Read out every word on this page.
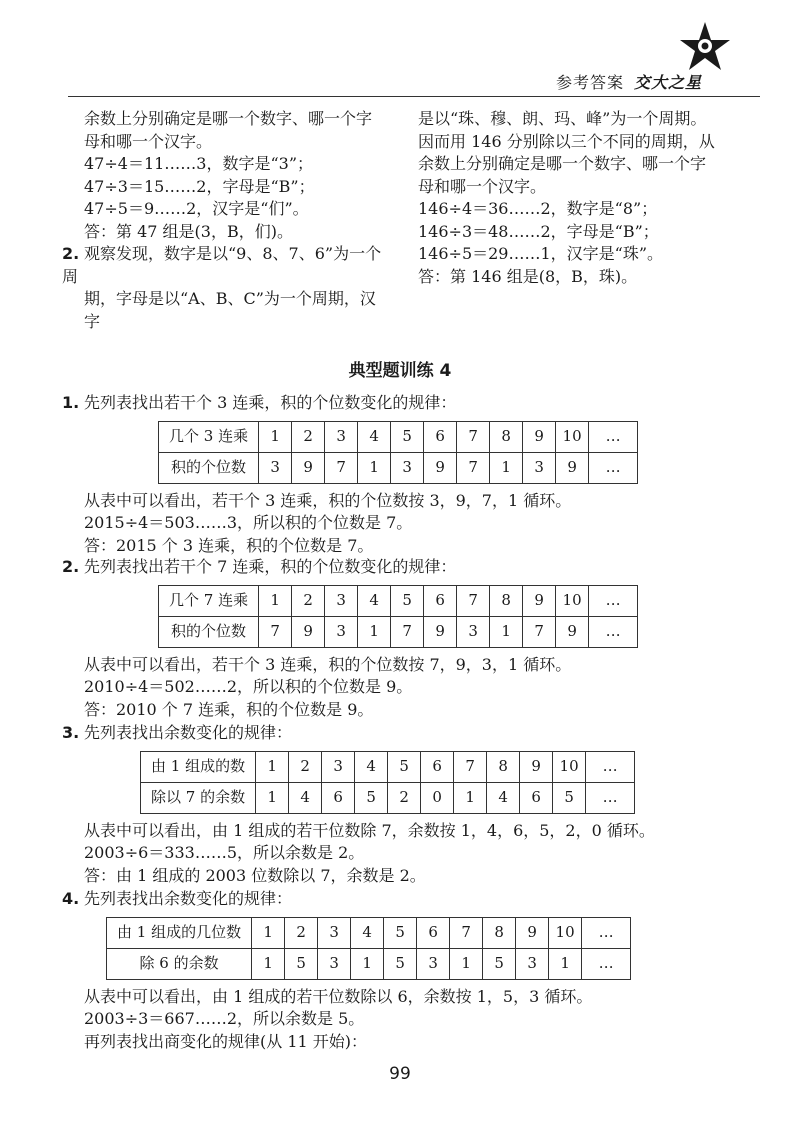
参考答案 交大之星

余数上分别确定是哪一个数字、哪一个字

母和哪一个汉字。

47÷4＝11……3，数字是“3”；

47÷3＝15……2，字母是“B”；

47÷5＝9……2，汉字是“们”。

答：第 47 组是(3，B，们)。

2. 观察发现，数字是以“9、8、7、6”为一个周

期，字母是以“A、B、C”为一个周期，汉字

是以“珠、穆、朗、玛、峰”为一个周期。

因而用 146 分别除以三个不同的周期，从

余数上分别确定是哪一个数字、哪一个字

母和哪一个汉字。

146÷4＝36……2，数字是“8”；

146÷3＝48……2，字母是“B”；

146÷5＝29……1，汉字是“珠”。

答：第 146 组是(8，B，珠)。

典型题训练 4

1. 先列表找出若干个 3 连乘，积的个位数变化的规律：

几个 3 连乘	1	2	3	4	5	6	7	8	9	10	…
积的个位数	3	9	7	1	3	9	7	1	3	9	…

从表中可以看出，若干个 3 连乘，积的个位数按 3，9，7，1 循环。

2015÷4＝503……3，所以积的个位数是 7。

答：2015 个 3 连乘，积的个位数是 7。

2. 先列表找出若干个 7 连乘，积的个位数变化的规律：

几个 7 连乘	1	2	3	4	5	6	7	8	9	10	…
积的个位数	7	9	3	1	7	9	3	1	7	9	…

从表中可以看出，若干个 3 连乘，积的个位数按 7，9，3，1 循环。

2010÷4＝502……2，所以积的个位数是 9。

答：2010 个 7 连乘，积的个位数是 9。

3. 先列表找出余数变化的规律：

由 1 组成的数	1	2	3	4	5	6	7	8	9	10	…
除以 7 的余数	1	4	6	5	2	0	1	4	6	5	…

从表中可以看出，由 1 组成的若干位数除 7，余数按 1，4，6，5，2，0 循环。

2003÷6＝333……5，所以余数是 2。

答：由 1 组成的 2003 位数除以 7，余数是 2。

4. 先列表找出余数变化的规律：

由 1 组成的几位数	1	2	3	4	5	6	7	8	9	10	…
除 6 的余数	1	5	3	1	5	3	1	5	3	1	…

从表中可以看出，由 1 组成的若干位数除以 6，余数按 1，5，3 循环。

2003÷3＝667……2，所以余数是 5。

再列表找出商变化的规律(从 11 开始)：

99
